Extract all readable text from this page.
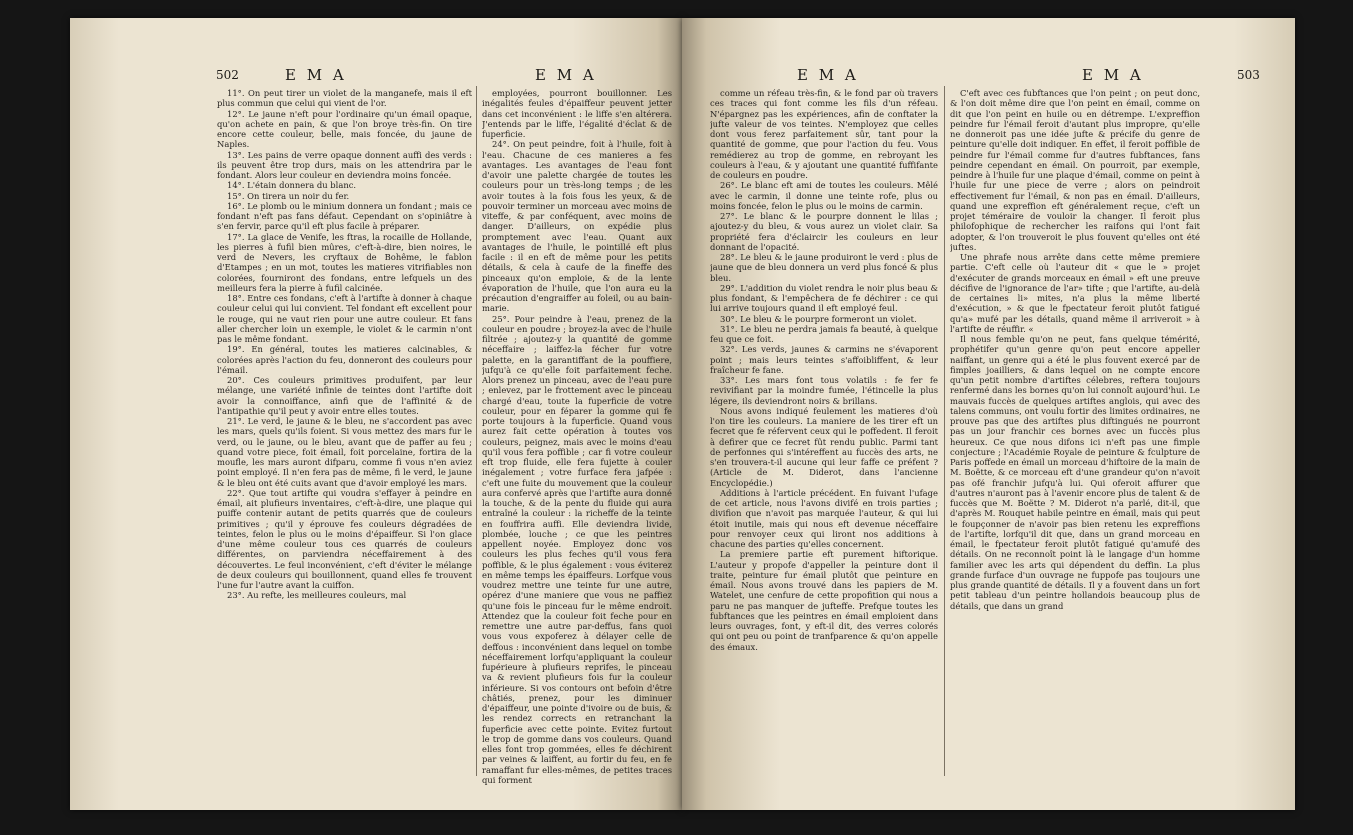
502	E M A	E M A

11°. On peut tirer un violet de la manganefe, mais il eft plus commun que celui qui vient de l'or.

12°. Le jaune n'eft pour l'ordinaire qu'un émail opaque, qu'on achete en pain, & que l'on broye très-fin. On tire encore cette couleur, belle, mais foncée, du jaune de Naples.

13°. Les pains de verre opaque donnent auffi des verds : ils peuvent être trop durs, mais on les attendrira par le fondant. Alors leur couleur en deviendra moins foncée.

14°. L'étain donnera du blanc.

15°. On tirera un noir du fer.

16°. Le plomb ou le minium donnera un fondant ; mais ce fondant n'eft pas fans défaut. Cependant on s'opiniâtre à s'en fervir, parce qu'il eft plus facile à préparer.

17°. La glace de Venife, les ftras, la rocaille de Hollande, les pierres à fufil bien mûres, c'eft-à-dire, bien noires, le verd de Nevers, les cryftaux de Bohême, le fablon d'Etampes ; en un mot, toutes les matieres vitrifiables non colorées, fourniront des fondans, entre lefquels un des meilleurs fera la pierre à fufil calcinée.

18°. Entre ces fondans, c'eft à l'artifte à donner à chaque couleur celui qui lui convient. Tel fondant eft excellent pour le rouge, qui ne vaut rien pour une autre couleur. Et fans aller chercher loin un exemple, le violet & le carmin n'ont pas le même fondant.

19°. En général, toutes les matieres calcinables, & colorées après l'action du feu, donneront des couleurs pour l'émail.

20°. Ces couleurs primitives produifent, par leur mélange, une variété infinie de teintes dont l'artifte doit avoir la connoiffance, ainfi que de l'affinité & de l'antipathie qu'il peut y avoir entre elles toutes.

21°. Le verd, le jaune & le bleu, ne s'accordent pas avec les mars, quels qu'ils foient. Si vous mettez des mars fur le verd, ou le jaune, ou le bleu, avant que de paffer au feu ; quand votre piece, foit émail, foit porcelaine, fortira de la moufle, les mars auront difparu, comme fi vous n'en aviez point employé. Il n'en fera pas de même, fi le verd, le jaune & le bleu ont été cuits avant que d'avoir employé les mars.

22°. Que tout artifte qui voudra s'effayer à peindre en émail, ait plufieurs inventaires, c'eft-à-dire, une plaque qui puiffe contenir autant de petits quarrés que de couleurs primitives ; qu'il y éprouve fes couleurs dégradées de teintes, felon le plus ou le moins d'épaiffeur. Si l'on glace d'une même couleur tous ces quarrés de couleurs différentes, on parviendra néceffairement à des découvertes. Le feul inconvénient, c'eft d'éviter le mélange de deux couleurs qui bouillonnent, quand elles fe trouvent l'une fur l'autre avant la cuiffon.

23°. Au refte, les meilleures couleurs, mal

employées, pourront bouillonner. Les inégalités feules d'épaiffeur peuvent jetter dans cet inconvénient : le liffe s'en altérera. J'entends par le liffe, l'égalité d'éclat & de fuperficie.

24°. On peut peindre, foit à l'huile, foit à l'eau. Chacune de ces manieres a fes avantages. Les avantages de l'eau font d'avoir une palette chargée de toutes les couleurs pour un très-long temps ; de les avoir toutes à la fois fous les yeux, & de pouvoir terminer un morceau avec moins de viteffe, & par conféquent, avec moins de danger. D'ailleurs, on expédie plus promptement avec l'eau. Quant aux avantages de l'huile, le pointillé eft plus facile : il en eft de même pour les petits détails, & cela à caufe de la fineffe des pinceaux qu'on emploie, & de la lente évaporation de l'huile, que l'on aura eu la précaution d'engraiffer au foleil, ou au bain-marie.

25°. Pour peindre à l'eau, prenez de la couleur en poudre ; broyez-la avec de l'huile filtrée ; ajoutez-y la quantité de gomme néceffaire ; laiffez-la fécher fur votre palette, en la garantiffant de la pouffiere, jufqu'à ce qu'elle foit parfaitement feche. Alors prenez un pinceau, avec de l'eau pure ; enlevez, par le frottement avec le pinceau chargé d'eau, toute la fuperficie de votre couleur, pour en féparer la gomme qui fe porte toujours à la fuperficie. Quand vous aurez fait cette opération à toutes vos couleurs, peignez, mais avec le moins d'eau qu'il vous fera poffible ; car fi votre couleur eft trop fluide, elle fera fujette à couler inégalement ; votre furface fera jafpée : c'eft une fuite du mouvement que la couleur aura confervé après que l'artifte aura donné la touche, & de la pente du fluide qui aura entraîné la couleur : la richeffe de la teinte en fouffrira auffi. Elle deviendra livide, plombée, louche ; ce que les peintres appellent noyée. Employez donc vos couleurs les plus feches qu'il vous fera poffible, & le plus également : vous éviterez en même temps les épaiffeurs. Lorfque vous voudrez mettre une teinte fur une autre, opérez d'une maniere que vous ne paffiez qu'une fois le pinceau fur le même endroit. Attendez que la couleur foit feche pour en remettre une autre par-deffus, fans quoi vous vous expoferez à délayer celle de deffous : inconvénient dans lequel on tombe néceffairement lorfqu'appliquant la couleur fupérieure à plufieurs reprifes, le pinceau va & revient plufieurs fois fur la couleur inférieure. Si vos contours ont befoin d'être châtiés, prenez, pour les diminuer d'épaiffeur, une pointe d'ivoire ou de buis, & les rendez corrects en retranchant la fuperficie avec cette pointe. Evitez furtout le trop de gomme dans vos couleurs. Quand elles font trop gommées, elles fe déchirent par veines & laiffent, au fortir du feu, en fe ramaffant fur elles-mêmes, de petites traces qui forment

E M A	E M A	503

comme un réfeau très-fin, & le fond par où travers ces traces qui font comme les fils d'un réfeau. N'épargnez pas les expériences, afin de conftater la jufte valeur de vos teintes. N'employez que celles dont vous ferez parfaitement sûr, tant pour la quantité de gomme, que pour l'action du feu. Vous remédierez au trop de gomme, en rebroyant les couleurs à l'eau, & y ajoutant une quantité fuffifante de couleurs en poudre.

26°. Le blanc eft ami de toutes les couleurs. Mêlé avec le carmin, il donne une teinte rofe, plus ou moins foncée, felon le plus ou le moins de carmin.

27°. Le blanc & le pourpre donnent le lilas ; ajoutez-y du bleu, & vous aurez un violet clair. Sa propriété fera d'éclaircir les couleurs en leur donnant de l'opacité.

28°. Le bleu & le jaune produiront le verd : plus de jaune que de bleu donnera un verd plus foncé & plus bleu.

29°. L'addition du violet rendra le noir plus beau & plus fondant, & l'empêchera de fe déchirer : ce qui lui arrive toujours quand il eft employé feul.

30°. Le bleu & le pourpre formeront un violet.

31°. Le bleu ne perdra jamais fa beauté, à quelque feu que ce foit.

32°. Les verds, jaunes & carmins ne s'évaporent point ; mais leurs teintes s'affoibliffent, & leur fraîcheur fe fane.

33°. Les mars font tous volatils : fe fer fe revivifiant par la moindre fumée, l'étincelle la plus légere, ils deviendront noirs & brillans.

Nous avons indiqué feulement les matieres d'où l'on tire les couleurs. La maniere de les tirer eft un fecret que fe réfervent ceux qui le poffedent. Il feroit à defirer que ce fecret fût rendu public. Parmi tant de perfonnes qui s'intéreffent au fuccès des arts, ne s'en trouvera-t-il aucune qui leur faffe ce préfent ? (Article de M. Diderot, dans l'ancienne Encyclopédie.)

Additions à l'article précédent. En fuivant l'ufage de cet article, nous l'avons divifé en trois parties ; divifion que n'avoit pas marquée l'auteur, & qui lui étoit inutile, mais qui nous eft devenue néceffaire pour renvoyer ceux qui liront nos additions à chacune des parties qu'elles concernent.

La premiere partie eft purement hiftorique. L'auteur y propofe d'appeller la peinture dont il traite, peinture fur émail plutôt que peinture en émail. Nous avons trouvé dans les papiers de M. Watelet, une cenfure de cette propofition qui nous a paru ne pas manquer de jufteffe. Prefque toutes les fubftances que les peintres en émail emploient dans leurs ouvrages, font, y eft-il dit, des verres colorés qui ont peu ou point de tranfparence & qu'on appelle des émaux.

C'eft avec ces fubftances que l'on peint ; on peut donc, & l'on doit même dire que l'on peint en émail, comme on dit que l'on peint en huile ou en détrempe. L'expreffion peindre fur l'émail feroit d'autant plus impropre, qu'elle ne donneroit pas une idée jufte & précife du genre de peinture qu'elle doit indiquer. En effet, il feroit poffible de peindre fur l'émail comme fur d'autres fubftances, fans peindre cependant en émail. On pourroit, par exemple, peindre à l'huile fur une plaque d'émail, comme on peint à l'huile fur une piece de verre ; alors on peindroit effectivement fur l'émail, & non pas en émail. D'ailleurs, quand une expreffion eft généralement reçue, c'eft un projet téméraire de vouloir la changer. Il feroit plus philofophique de rechercher les raifons qui l'ont fait adopter, & l'on trouveroit le plus fouvent qu'elles ont été juftes.

Une phrafe nous arrête dans cette même premiere partie. C'eft celle où l'auteur dit « que le » projet d'exécuter de grands morceaux en émail » eft une preuve décifive de l'ignorance de l'ar» tifte ; que l'artifte, au-delà de certaines li» mites, n'a plus la même liberté d'exécution, » & que le fpectateur feroit plutôt fatigué qu'a» mufé par les détails, quand même il arriveroit » à l'artifte de réuffir. «

Il nous femble qu'on ne peut, fans quelque témérité, prophétifer qu'un genre qu'on peut encore appeller naiffant, un genre qui a été le plus fouvent exercé par de fimples joailliers, & dans lequel on ne compte encore qu'un petit nombre d'artiftes célebres, reftera toujours renfermé dans les bornes qu'on lui connoît aujourd'hui. Le mauvais fuccès de quelques artiftes anglois, qui avec des talens communs, ont voulu fortir des limites ordinaires, ne prouve pas que des artiftes plus diftingués ne pourront pas un jour franchir ces bornes avec un fuccès plus heureux. Ce que nous difons ici n'eft pas une fimple conjecture ; l'Académie Royale de peinture & fculpture de Paris poffede en émail un morceau d'hiftoire de la main de M. Boëtte, & ce morceau eft d'une grandeur qu'on n'avoit pas ofé franchir jufqu'à lui. Qui oferoit affurer que d'autres n'auront pas à l'avenir encore plus de talent & de fuccès que M. Boëtte ? M. Diderot n'a parlé, dit-il, que d'après M. Rouquet habile peintre en émail, mais qui peut le foupçonner de n'avoir pas bien retenu les expreffions de l'artifte, lorfqu'il dit que, dans un grand morceau en émail, le fpectateur feroit plutôt fatigué qu'amufé des détails. On ne reconnoît point là le langage d'un homme familier avec les arts qui dépendent du deffin. La plus grande furface d'un ouvrage ne fuppofe pas toujours une plus grande quantité de détails. Il y a fouvent dans un fort petit tableau d'un peintre hollandois beaucoup plus de détails, que dans un grand
